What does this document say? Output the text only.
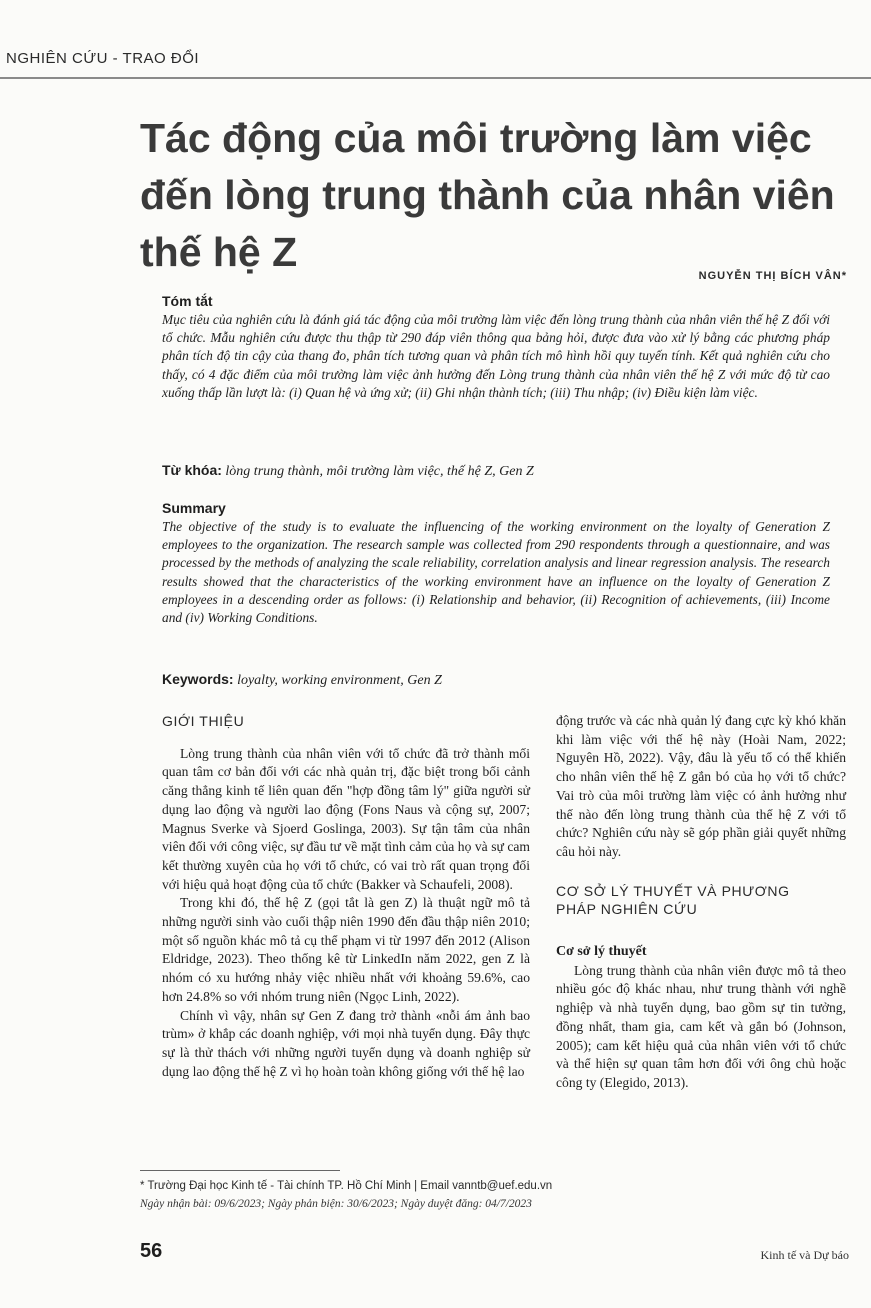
NGHIÊN CỨU - TRAO ĐỔI
Tác động của môi trường làm việc
đến lòng trung thành của nhân viên
thế hệ Z
NGUYỄN THỊ BÍCH VÂN*

Tóm tắt

Mục tiêu của nghiên cứu là đánh giá tác động của môi trường làm việc đến lòng trung thành của nhân viên thế hệ Z đối với tổ chức. Mẫu nghiên cứu được thu thập từ 290 đáp viên thông qua bảng hỏi, được đưa vào xử lý bằng các phương pháp phân tích độ tin cậy của thang đo, phân tích tương quan và phân tích mô hình hồi quy tuyến tính. Kết quả nghiên cứu cho thấy, có 4 đặc điểm của môi trường làm việc ảnh hưởng đến Lòng trung thành của nhân viên thế hệ Z với mức độ từ cao xuống thấp lần lượt là: (i) Quan hệ và ứng xử; (ii) Ghi nhận thành tích; (iii) Thu nhập; (iv) Điều kiện làm việc.

Từ khóa: lòng trung thành, môi trường làm việc, thế hệ Z, Gen Z

Summary

The objective of the study is to evaluate the influencing of the working environment on the loyalty of Generation Z employees to the organization. The research sample was collected from 290 respondents through a questionnaire, and was processed by the methods of analyzing the scale reliability, correlation analysis and linear regression analysis. The research results showed that the characteristics of the working environment have an influence on the loyalty of Generation Z employees in a descending order as follows: (i) Relationship and behavior, (ii) Recognition of achievements, (iii) Income and (iv) Working Conditions.

Keywords: loyalty, working environment, Gen Z

GIỚI THIỆU

Lòng trung thành của nhân viên với tổ chức đã trở thành mối quan tâm cơ bản đối với các nhà quản trị, đặc biệt trong bối cảnh căng thẳng kinh tế liên quan đến "hợp đồng tâm lý" giữa người sử dụng lao động và người lao động (Fons Naus và cộng sự, 2007; Magnus Sverke và Sjoerd Goslinga, 2003). Sự tận tâm của nhân viên đối với công việc, sự đầu tư về mặt tình cảm của họ và sự cam kết thường xuyên của họ với tổ chức, có vai trò rất quan trọng đối với hiệu quả hoạt động của tổ chức (Bakker và Schaufeli, 2008).

Trong khi đó, thế hệ Z (gọi tắt là gen Z) là thuật ngữ mô tả những người sinh vào cuối thập niên 1990 đến đầu thập niên 2010; một số nguồn khác mô tả cụ thể phạm vi từ 1997 đến 2012 (Alison Eldridge, 2023). Theo thống kê từ LinkedIn năm 2022, gen Z là nhóm có xu hướng nhảy việc nhiều nhất với khoảng 59.6%, cao hơn 24.8% so với nhóm trung niên (Ngọc Linh, 2022).

Chính vì vậy, nhân sự Gen Z đang trở thành «nỗi ám ảnh bao trùm» ở khắp các doanh nghiệp, với mọi nhà tuyển dụng. Đây thực sự là thử thách với những người tuyển dụng và doanh nghiệp sử dụng lao động thế hệ Z vì họ hoàn toàn không giống với thế hệ lao

động trước và các nhà quản lý đang cực kỳ khó khăn khi làm việc với thế hệ này (Hoài Nam, 2022; Nguyên Hồ, 2022). Vậy, đâu là yếu tố có thể khiến cho nhân viên thế hệ Z gắn bó của họ với tổ chức? Vai trò của môi trường làm việc có ảnh hưởng như thế nào đến lòng trung thành của thế hệ Z với tổ chức? Nghiên cứu này sẽ góp phần giải quyết những câu hỏi này.

CƠ SỞ LÝ THUYẾT VÀ PHƯƠNG
PHÁP NGHIÊN CỨU

Cơ sở lý thuyết

Lòng trung thành của nhân viên được mô tả theo nhiều góc độ khác nhau, như trung thành với nghề nghiệp và nhà tuyển dụng, bao gồm sự tin tưởng, đồng nhất, tham gia, cam kết và gắn bó (Johnson, 2005); cam kết hiệu quả của nhân viên với tổ chức và thể hiện sự quan tâm hơn đối với ông chủ hoặc công ty (Elegido, 2013).

* Trường Đại học Kinh tế - Tài chính TP. Hồ Chí Minh | Email vanntb@uef.edu.vn
Ngày nhận bài: 09/6/2023; Ngày phản biện: 30/6/2023; Ngày duyệt đăng: 04/7/2023
56	Kinh tế và Dự báo
